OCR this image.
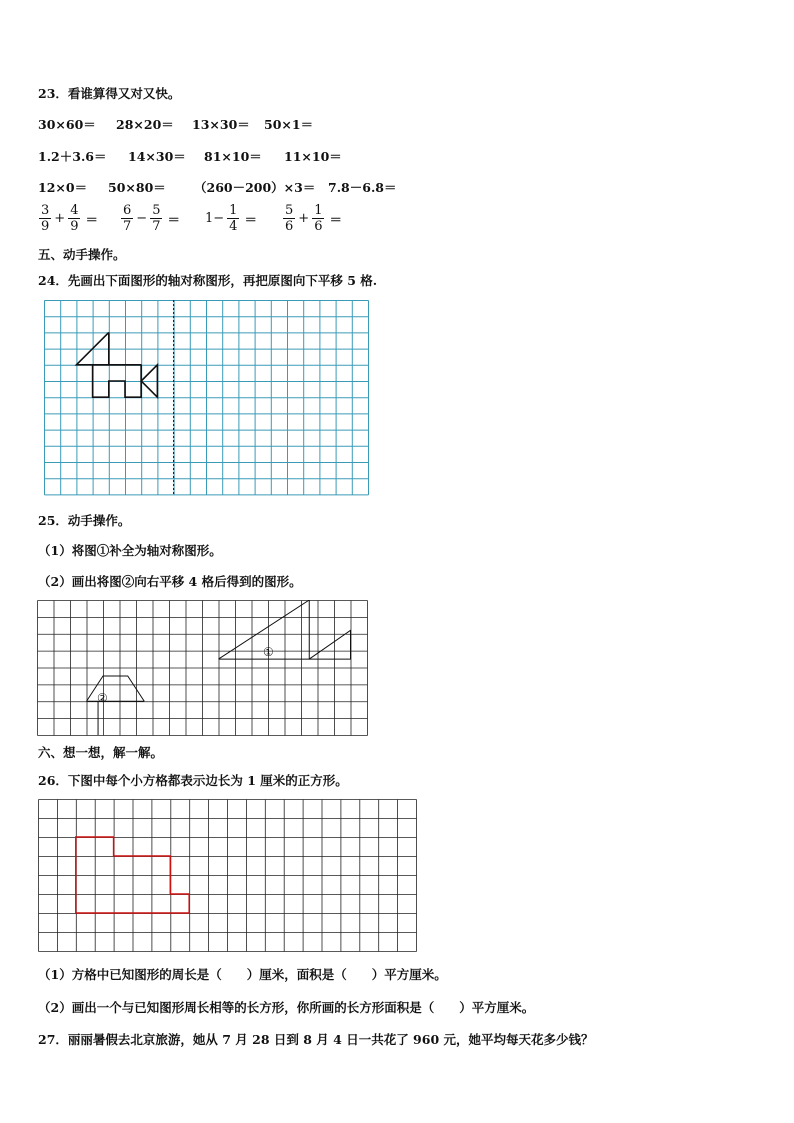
23．看谁算得又对又快。
30×60＝ 28×20＝ 13×30＝ 50×1＝
1.2＋3.6＝ 14×30＝ 81×10＝ 11×10＝
12×0＝ 50×80＝ （260－200）×3＝ 7.8－6.8＝
$\frac{3}{9} + \frac{4}{9} = \frac{6}{7} - \frac{5}{7} = 1- \frac{1}{4} = \frac{5}{6} + \frac{1}{6}$ ＝
五、动手操作。
24．先画出下面图形的轴对称图形，再把原图向下平移 5 格.
25．动手操作。
（1）将图①补全为轴对称图形。
（2）画出将图②向右平移 4 格后得到的图形。
①
②
六、想一想，解一解。
26．下图中每个小方格都表示边长为 1 厘米的正方形。
（1）方格中已知图形的周长是（　　）厘米，面积是（　　）平方厘米。
（2）画出一个与已知图形周长相等的长方形，你所画的长方形面积是（　　）平方厘米。
27．丽丽暑假去北京旅游，她从 7 月 28 日到 8 月 4 日一共花了 960 元，她平均每天花多少钱？
